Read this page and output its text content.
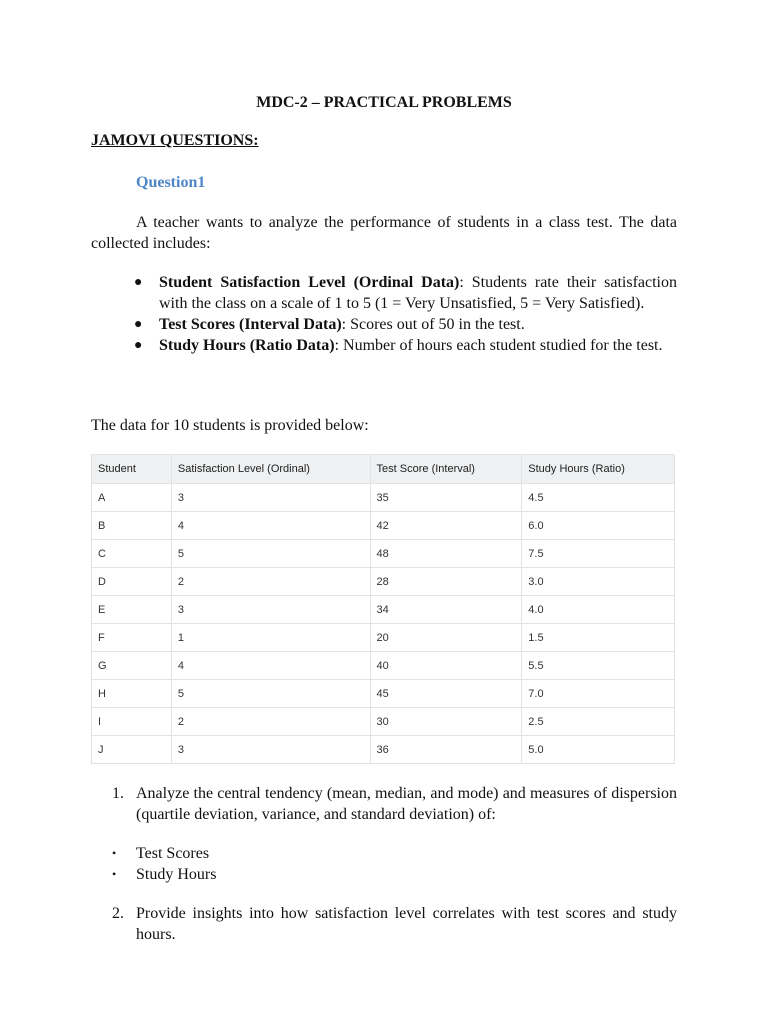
MDC-2 – PRACTICAL PROBLEMS
JAMOVI QUESTIONS:
Question1
A teacher wants to analyze the performance of students in a class test. The data collected includes:
● Student Satisfaction Level (Ordinal Data): Students rate their satisfaction with the class on a scale of 1 to 5 (1 = Very Unsatisfied, 5 = Very Satisfied).
● Test Scores (Interval Data): Scores out of 50 in the test.
● Study Hours (Ratio Data): Number of hours each student studied for the test.
The data for 10 students is provided below:
Student	Satisfaction Level (Ordinal)	Test Score (Interval)	Study Hours (Ratio)
A	3	35	4.5
B	4	42	6.0
C	5	48	7.5
D	2	28	3.0
E	3	34	4.0
F	1	20	1.5
G	4	40	5.5
H	5	45	7.0
I	2	30	2.5
J	3	36	5.0
1. Analyze the central tendency (mean, median, and mode) and measures of dispersion (quartile deviation, variance, and standard deviation) of:
• Test Scores
• Study Hours
2. Provide insights into how satisfaction level correlates with test scores and study hours.
